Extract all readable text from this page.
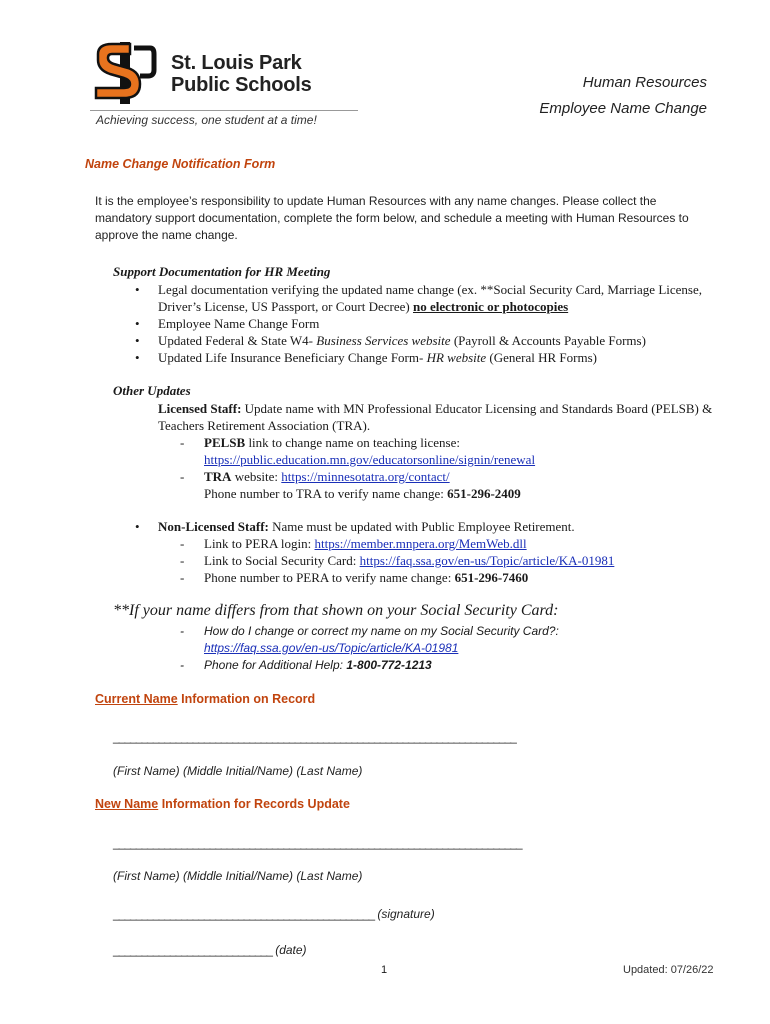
SLP
St. Louis Park
Public Schools
Achieving success, one student at a time!
Human Resources
Employee Name Change
Name Change Notification Form
It is the employee’s responsibility to update Human Resources with any name changes. Please collect the mandatory support documentation, complete the form below, and schedule a meeting with Human Resources to approve the name change.
Support Documentation for HR Meeting
• Legal documentation verifying the updated name change (ex. **Social Security Card, Marriage License, Driver’s License, US Passport, or Court Decree) no electronic or photocopies
• Employee Name Change Form
• Updated Federal & State W4- Business Services website (Payroll & Accounts Payable Forms)
• Updated Life Insurance Beneficiary Change Form- HR website (General HR Forms)
Other Updates
Licensed Staff: Update name with MN Professional Educator Licensing and Standards Board (PELSB) & Teachers Retirement Association (TRA).
- PELSB link to change name on teaching license:
https://public.education.mn.gov/educatorsonline/signin/renewal
- TRA website: https://minnesotatra.org/contact/
Phone number to TRA to verify name change: 651-296-2409
• Non-Licensed Staff: Name must be updated with Public Employee Retirement.
- Link to PERA login: https://member.mnpera.org/MemWeb.dll
- Link to Social Security Card: https://faq.ssa.gov/en-us/Topic/article/KA-01981
- Phone number to PERA to verify name change: 651-296-7460
**If your name differs from that shown on your Social Security Card:
- How do I change or correct my name on my Social Security Card?:
https://faq.ssa.gov/en-us/Topic/article/KA-01981
- Phone for Additional Help: 1-800-772-1213
Current Name Information on Record
_______________________________________________________________________
(First Name) (Middle Initial/Name) (Last Name)
New Name Information for Records Update
________________________________________________________________________
(First Name) (Middle Initial/Name) (Last Name)
______________________________________________ (signature)
____________________________ (date)
1	Updated: 07/26/22
